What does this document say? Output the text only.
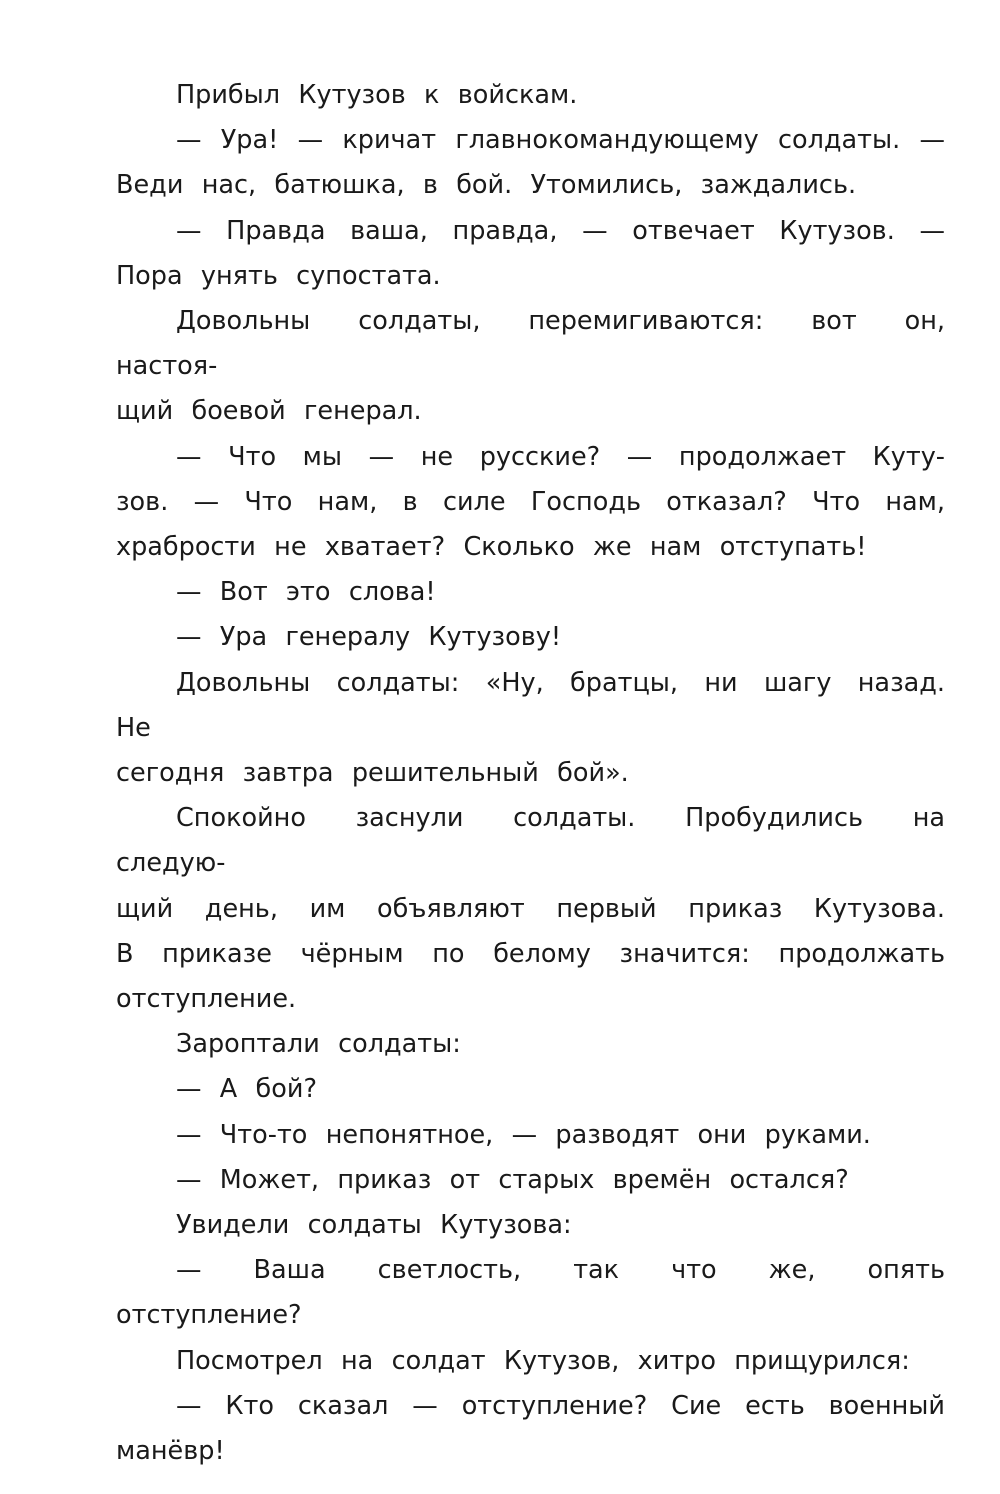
Прибыл Кутузов к войскам.
— Ура! — кричат главнокомандующему солдаты. —
Веди нас, батюшка, в бой. Утомились, заждались.
— Правда ваша, правда, — отвечает Кутузов. —
Пора унять супостата.
Довольны солдаты, перемигиваются: вот он, настоя-
щий боевой генерал.
— Что мы — не русские? — продолжает Куту-
зов. — Что нам, в силе Господь отказал? Что нам,
храбрости не хватает? Сколько же нам отступать!
— Вот это слова!
— Ура генералу Кутузову!
Довольны солдаты: «Ну, братцы, ни шагу назад. Не
сегодня завтра решительный бой».
Спокойно заснули солдаты. Пробудились на следую-
щий день, им объявляют первый приказ Кутузова.
В приказе чёрным по белому значится: продолжать
отступление.
Зароптали солдаты:
— А бой?
— Что-то непонятное, — разводят они руками.
— Может, приказ от старых времён остался?
Увидели солдаты Кутузова:
— Ваша светлость, так что же, опять отступление?
Посмотрел на солдат Кутузов, хитро прищурился:
— Кто сказал — отступление? Сие есть военный
манёвр!
